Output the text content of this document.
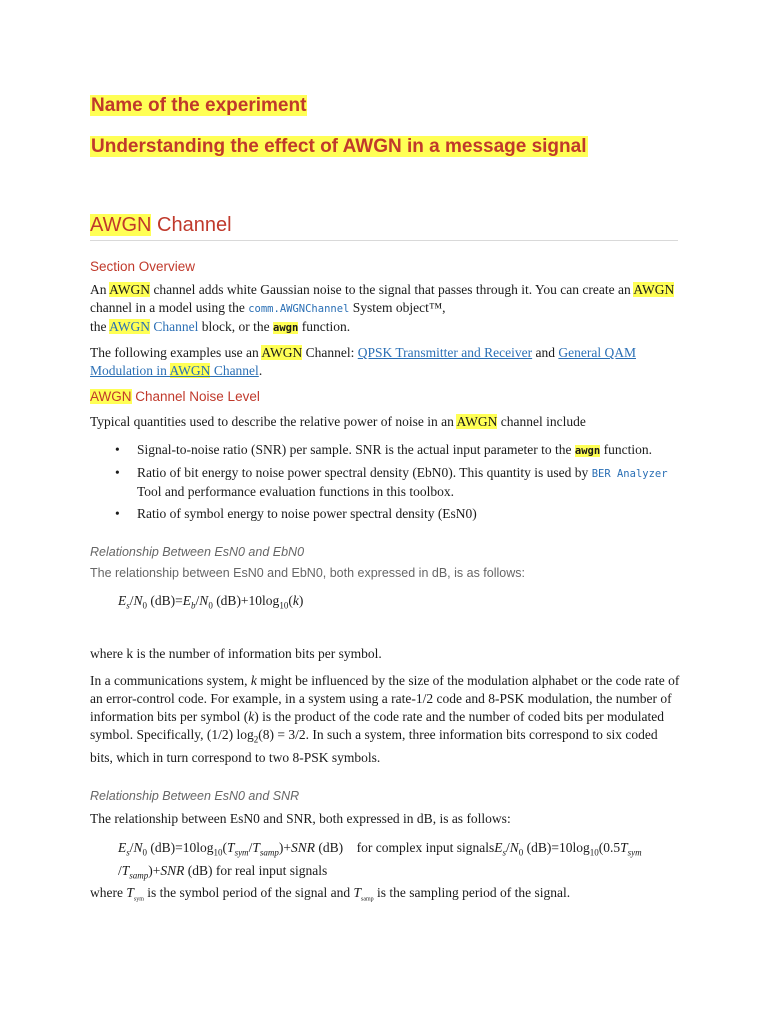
Name of the experiment
Understanding the effect of AWGN in a message signal
AWGN Channel

Section Overview

An AWGN channel adds white Gaussian noise to the signal that passes through it. You can create an AWGN channel in a model using the comm.AWGNChannel System object™,
the AWGN Channel block, or the awgn function.

The following examples use an AWGN Channel: QPSK Transmitter and Receiver and General QAM Modulation in AWGN Channel.

AWGN Channel Noise Level

Typical quantities used to describe the relative power of noise in an AWGN channel include

• Signal-to-noise ratio (SNR) per sample. SNR is the actual input parameter to the awgn function.
• Ratio of bit energy to noise power spectral density (EbN0). This quantity is used by BER Analyzer Tool and performance evaluation functions in this toolbox.
• Ratio of symbol energy to noise power spectral density (EsN0)

Relationship Between EsN0 and EbN0

The relationship between EsN0 and EbN0, both expressed in dB, is as follows:

$E_s/N_0$ $(dB)=E_b/N_0$ $(dB)+10\log_{10}(k)$

where k is the number of information bits per symbol.

In a communications system, k might be influenced by the size of the modulation alphabet or the code rate of an error-control code. For example, in a system using a rate-1/2 code and 8-PSK modulation, the number of information bits per symbol (k) is the product of the code rate and the number of coded bits per modulated symbol. Specifically, (1/2) $\log_2(8) = 3/2$. In such a system, three information bits correspond to six coded bits, which in turn correspond to two 8-PSK symbols.

Relationship Between EsN0 and SNR

The relationship between EsN0 and SNR, both expressed in dB, is as follows:

$E_s/N_0$ $(dB)=10\log_{10}(T_{sym}/T_{samp})+SNR$ (dB)    for complex input $signalsE_s/N_0$ $(dB)=10\log_{10}(0.5T_{sym}$ $/T_{samp})+SNR$ (dB) for real input signals

where $T_{sym}$ is the symbol period of the signal and $T_{samp}$ is the sampling period of the signal.
